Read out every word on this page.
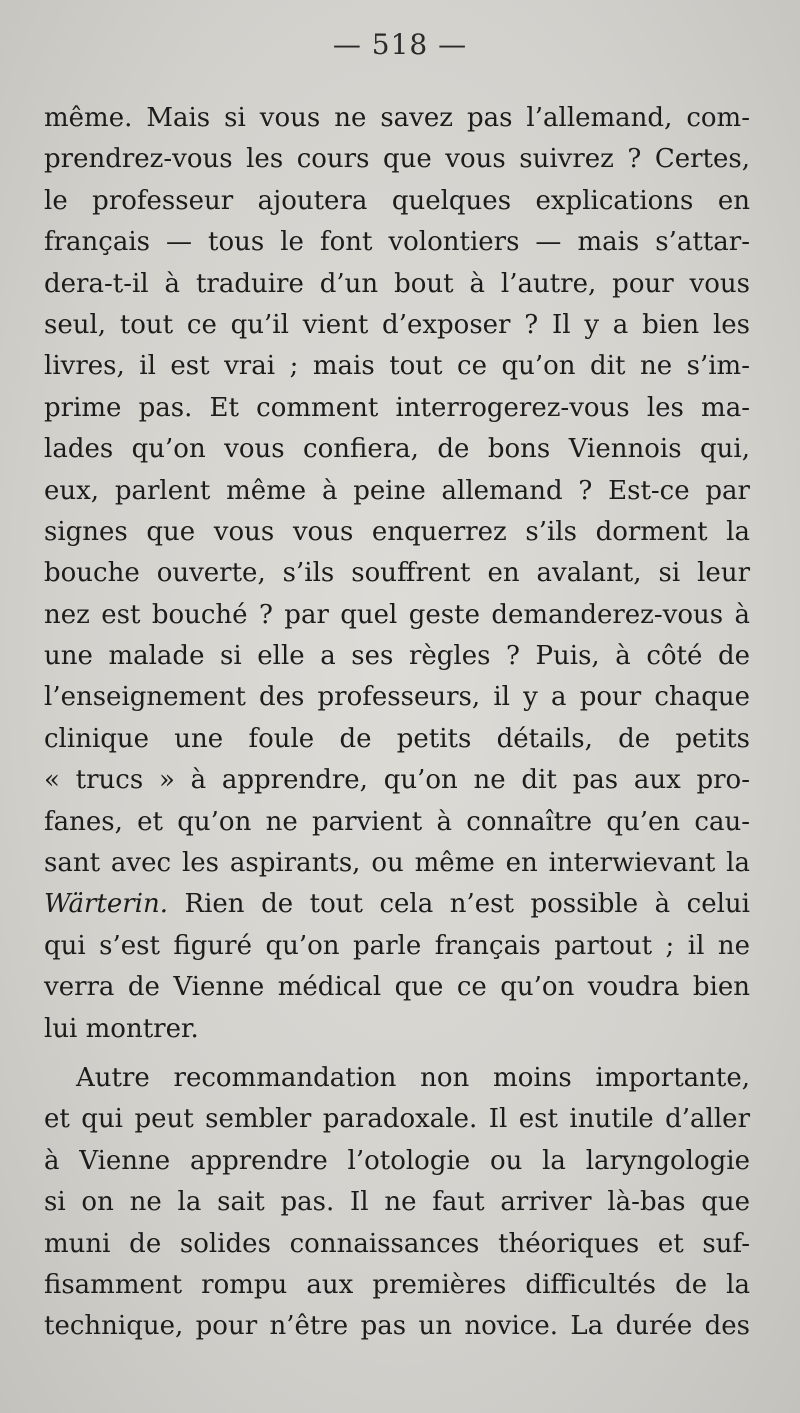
— 518 —
même. Mais si vous ne savez pas l’allemand, com-
prendrez-vous les cours que vous suivrez ? Certes,
le professeur ajoutera quelques explications en
français — tous le font volontiers — mais s’attar-
dera-t-il à traduire d’un bout à l’autre, pour vous
seul, tout ce qu’il vient d’exposer ? Il y a bien les
livres, il est vrai ; mais tout ce qu’on dit ne s’im-
prime pas. Et comment interrogerez-vous les ma-
lades qu’on vous confiera, de bons Viennois qui,
eux, parlent même à peine allemand ? Est-ce par
signes que vous vous enquerrez s’ils dorment la
bouche ouverte, s’ils souffrent en avalant, si leur
nez est bouché ? par quel geste demanderez-vous à
une malade si elle a ses règles ? Puis, à côté de
l’enseignement des professeurs, il y a pour chaque
clinique une foule de petits détails, de petits
« trucs » à apprendre, qu’on ne dit pas aux pro-
fanes, et qu’on ne parvient à connaître qu’en cau-
sant avec les aspirants, ou même en interwievant la
Wärterin. Rien de tout cela n’est possible à celui
qui s’est figuré qu’on parle français partout ; il ne
verra de Vienne médical que ce qu’on voudra bien
lui montrer.
Autre recommandation non moins importante,
et qui peut sembler paradoxale. Il est inutile d’aller
à Vienne apprendre l’otologie ou la laryngologie
si on ne la sait pas. Il ne faut arriver là-bas que
muni de solides connaissances théoriques et suf-
fisamment rompu aux premières difficultés de la
technique, pour n’être pas un novice. La durée des
